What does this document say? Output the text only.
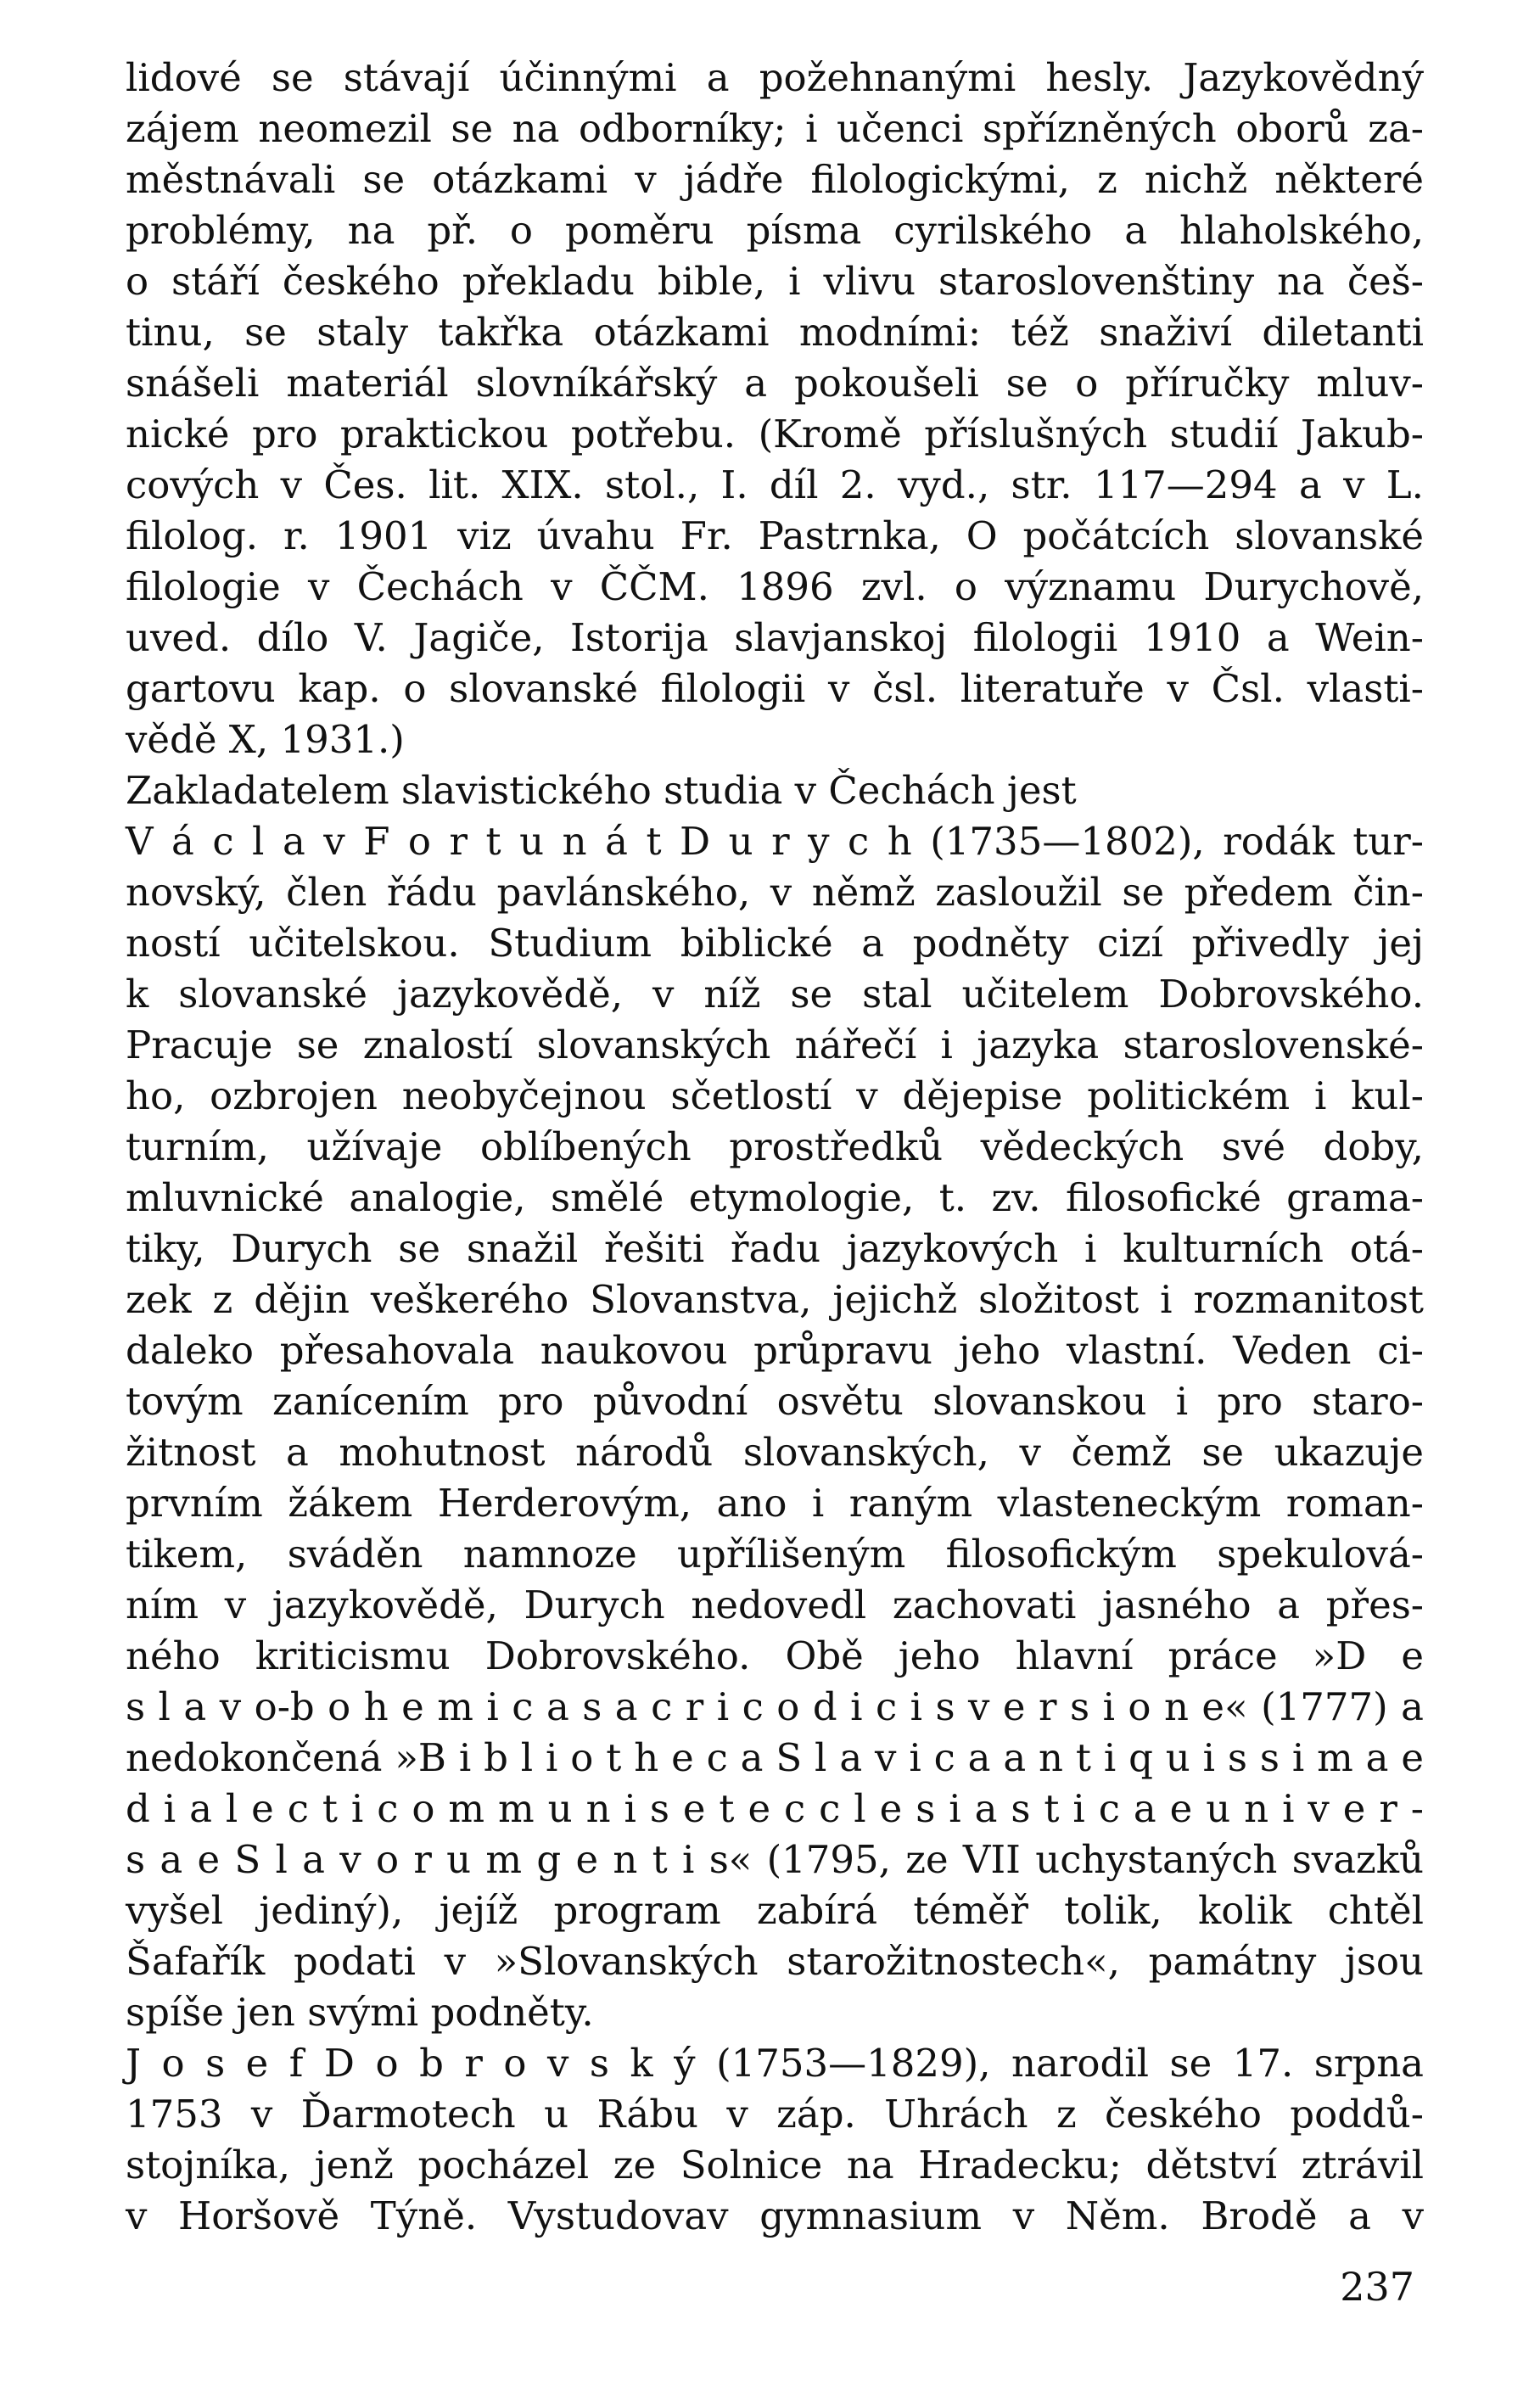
lidové se stávají účinnými a požehnanými hesly. Jazykovědný
zájem neomezil se na odborníky; i učenci spřízněných oborů za-
městnávali se otázkami v jádře filologickými, z nichž některé
problémy, na př. o poměru písma cyrilského a hlaholského,
o stáří českého překladu bible, i vlivu staroslovenštiny na češ-
tinu, se staly takřka otázkami modními: též snaživí diletanti
snášeli materiál slovníkářský a pokoušeli se o příručky mluv-
nické pro praktickou potřebu. (Kromě příslušných studií Jakub-
cových v Čes. lit. XIX. stol., I. díl 2. vyd., str. 117—294 a v L.
filolog. r. 1901 viz úvahu Fr. Pastrnka, O počátcích slovanské
filologie v Čechách v ČČM. 1896 zvl. o významu Durychově,
uved. dílo V. Jagiče, Istorija slavjanskoj filologii 1910 a Wein-
gartovu kap. o slovanské filologii v čsl. literatuře v Čsl. vlasti-
vědě X, 1931.)
Zakladatelem slavistického studia v Čechách jest
V á c l a v F o r t u n á t D u r y c h (1735—1802), rodák tur-
novský, člen řádu pavlánského, v němž zasloužil se předem čin-
ností učitelskou. Studium biblické a podněty cizí přivedly jej
k slovanské jazykovědě, v níž se stal učitelem Dobrovského.
Pracuje se znalostí slovanských nářečí i jazyka staroslovenské-
ho, ozbrojen neobyčejnou sčetlostí v dějepise politickém i kul-
turním, užívaje oblíbených prostředků vědeckých své doby,
mluvnické analogie, smělé etymologie, t. zv. filosofické grama-
tiky, Durych se snažil řešiti řadu jazykových i kulturních otá-
zek z dějin veškerého Slovanstva, jejichž složitost i rozmanitost
daleko přesahovala naukovou průpravu jeho vlastní. Veden ci-
tovým zanícením pro původní osvětu slovanskou i pro staro-
žitnost a mohutnost národů slovanských, v čemž se ukazuje
prvním žákem Herderovým, ano i raným vlasteneckým roman-
tikem, sváděn namnoze upřílišeným filosofickým spekulová-
ním v jazykovědě, Durych nedovedl zachovati jasného a přes-
ného kriticismu Dobrovského. Obě jeho hlavní práce »D e
s l a v o-b o h e m i c a s a c r i c o d i c i s v e r s i o n e« (1777) a
nedokončená »B i b l i o t h e c a S l a v i c a a n t i q u i s s i m a e
d i a l e c t i c o m m u n i s e t e c c l e s i a s t i c a e u n i v e r -
s a e S l a v o r u m g e n t i s« (1795, ze VII uchystaných svazků
vyšel jediný), jejíž program zabírá téměř tolik, kolik chtěl
Šafařík podati v »Slovanských starožitnostech«, památny jsou
spíše jen svými podněty.
J o s e f D o b r o v s k ý (1753—1829), narodil se 17. srpna
1753 v Ďarmotech u Rábu v záp. Uhrách z českého poddů-
stojníka, jenž pocházel ze Solnice na Hradecku; dětství ztrávil
v Horšově Týně. Vystudovav gymnasium v Něm. Brodě a v
237
